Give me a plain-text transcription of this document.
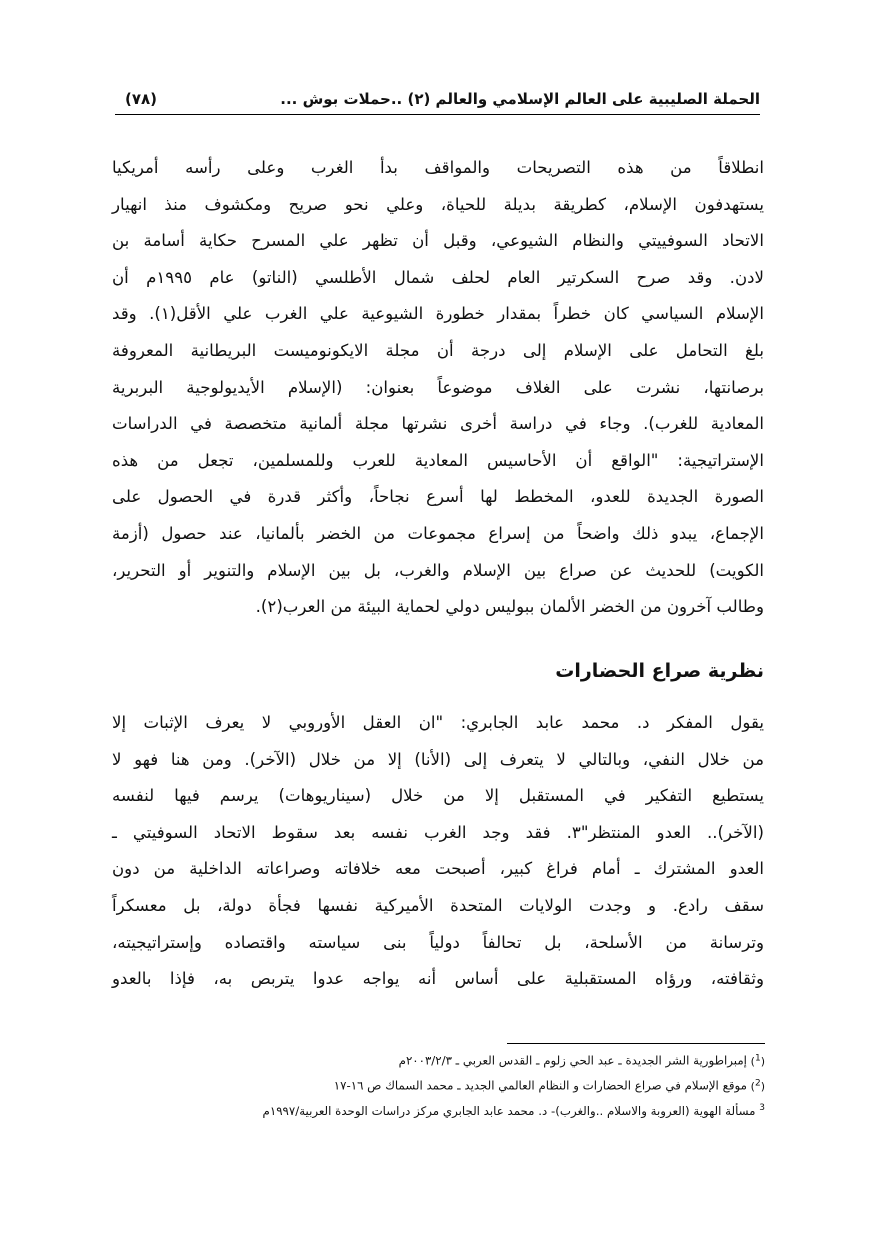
الحملة الصليبية على العالم الإسلامي والعالم (٢) ..حملات بوش ...
(٧٨)
انطلاقاً من هذه التصريحات والمواقف بدأ الغرب وعلى رأسه أمريكيا
يستهدفون الإسلام، كطريقة بديلة للحياة، وعلي نحو صريح ومكشوف منذ انهيار
الاتحاد السوفييتي والنظام الشيوعي، وقبل أن تظهر علي المسرح حكاية أسامة بن
لادن. وقد صرح السكرتير العام لحلف شمال الأطلسي (الناتو) عام ١٩٩٥م أن
الإسلام السياسي كان خطراً بمقدار خطورة الشيوعية علي الغرب علي الأقل(١). وقد
بلغ التحامل على الإسلام إلى درجة أن مجلة الايكونوميست البريطانية المعروفة
برصانتها، نشرت على الغلاف موضوعاً بعنوان: (الإسلام الأيديولوجية البربرية
المعادية للغرب). وجاء في دراسة أخرى نشرتها مجلة ألمانية متخصصة في الدراسات
الإستراتيجية: "الواقع أن الأحاسيس المعادية للعرب وللمسلمين، تجعل من هذه
الصورة الجديدة للعدو، المخطط لها أسرع نجاحاً، وأكثر قدرة في الحصول على
الإجماع، يبدو ذلك واضحاً من إسراع مجموعات من الخضر بألمانيا، عند حصول (أزمة
الكويت) للحديث عن صراع بين الإسلام والغرب، بل بين الإسلام والتنوير أو التحرير،
وطالب آخرون من الخضر الألمان ببوليس دولي لحماية البيئة من العرب(٢).
نظرية صراع الحضارات
يقول المفكر د. محمد عابد الجابري: "ان العقل الأوروبي لا يعرف الإثبات إلا
من خلال النفي، وبالتالي لا يتعرف إلى (الأنا) إلا من خلال (الآخر). ومن هنا فهو لا
يستطيع التفكير في المستقبل إلا من خلال (سيناريوهات) يرسم فيها لنفسه
(الآخر).. العدو المنتظر"٣. فقد وجد الغرب نفسه بعد سقوط الاتحاد السوفيتي ـ
العدو المشترك ـ أمام فراغ كبير، أصبحت معه خلافاته وصراعاته الداخلية من دون
سقف رادع. و وجدت الولايات المتحدة الأميركية نفسها فجأة دولة، بل معسكراً
وترسانة من الأسلحة، بل تحالفاً دولياً بنى سياسته واقتصاده وإستراتيجيته،
وثقافته، ورؤاه المستقبلية على أساس أنه يواجه عدوا يتربص به، فإذا بالعدو
($^1$) إمبراطورية الشر الجديدة ـ عبد الحي زلوم ـ القدس العربي ـ ٢٠٠٣/٢/٣م
($^2$) موقع الإسلام في صراع الحضارات و النظام العالمي الجديد ـ محمد السماك ص ١٦-١٧
$^3$ مسألة الهوية (العروبة والاسلام ..والغرب)- د. محمد عابد الجابري مركز دراسات الوحدة العربية/١٩٩٧م
